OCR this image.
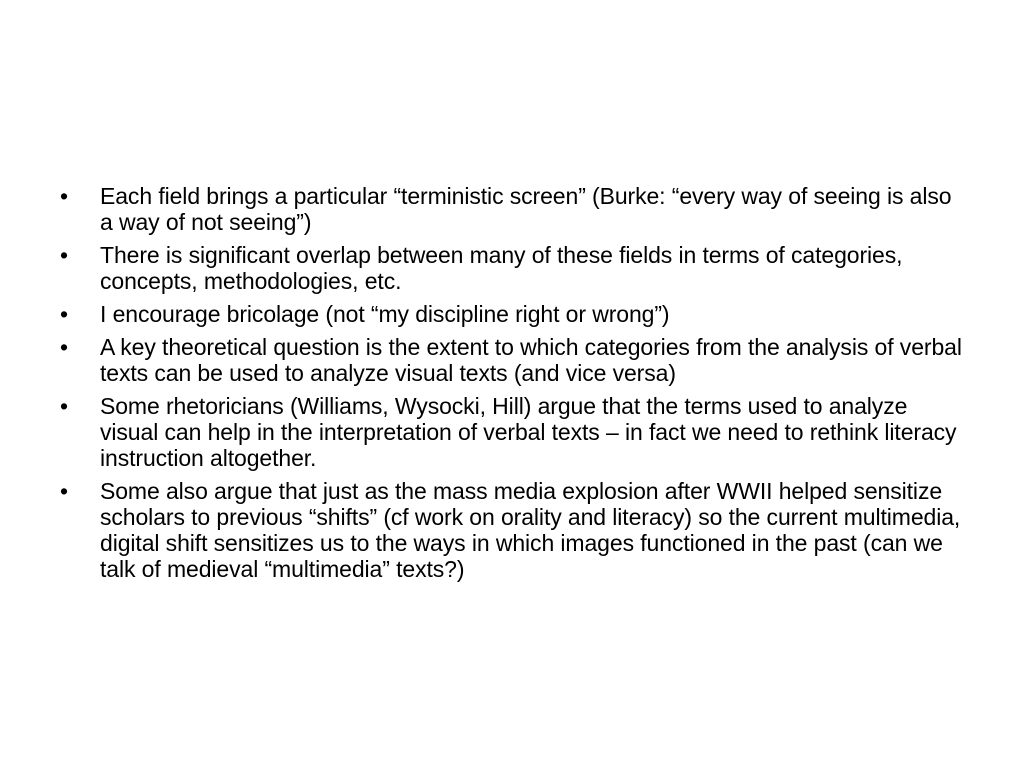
•	Each field brings a particular “terministic screen” (Burke: “every way of seeing is also a way of not seeing”)
•	There is significant overlap between many of these fields in terms of categories, concepts, methodologies, etc.
•	I encourage bricolage (not “my discipline right or wrong”)
•	A key theoretical question is the extent to which categories from the analysis of verbal texts can be used to analyze visual texts (and vice versa)
•	Some rhetoricians (Williams, Wysocki, Hill) argue that the terms used to analyze visual can help in the interpretation of verbal texts – in fact we need to rethink literacy instruction altogether.
•	Some also argue that just as the mass media explosion after WWII helped sensitize scholars to previous “shifts” (cf work on orality and literacy) so the current multimedia, digital shift sensitizes us to the ways in which images functioned in the past (can we talk of medieval “multimedia” texts?)
